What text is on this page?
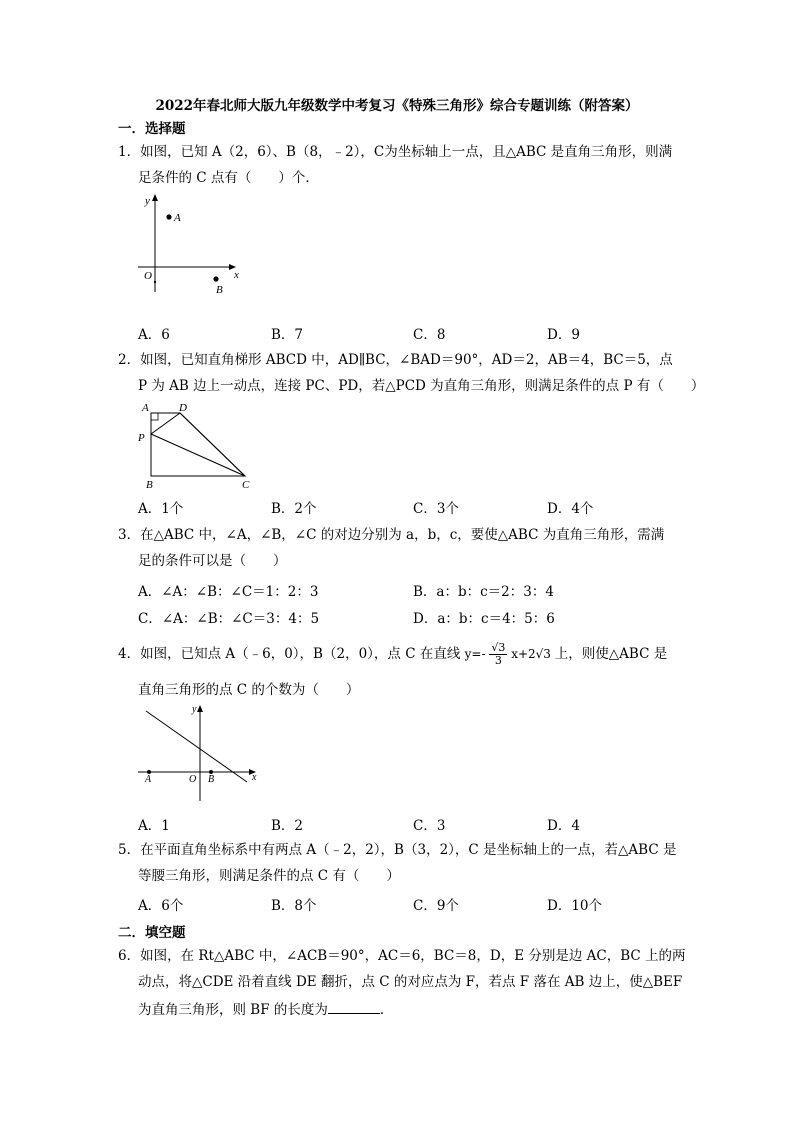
2022年春北师大版九年级数学中考复习《特殊三角形》综合专题训练（附答案）
一．选择题
1．如图，已知 A（2，6）、B（8，﹣2），C为坐标轴上一点，且△ABC 是直角三角形，则满
足条件的 C 点有（　　）个．
y
x
O
A
B
A．6	B．7	C．8	D．9
2．如图，已知直角梯形 ABCD 中，AD∥BC，∠BAD＝90°，AD＝2，AB＝4，BC＝5，点
P 为 AB 边上一动点，连接 PC、PD，若△PCD 为直角三角形，则满足条件的点 P 有（　　）
A	D
P
B	C
A．1个	B．2个	C．3个	D．4个
3．在△ABC 中，∠A，∠B，∠C 的对边分别为 a，b，c，要使△ABC 为直角三角形，需满
足的条件可以是（　　）
A．∠A：∠B：∠C＝1：2：3	B．a：b：c＝2：3：4
C．∠A：∠B：∠C＝3：4：5	D．a：b：c＝4：5：6
4．如图，已知点 A（﹣6，0），B（2，0），点 C 在直线 $y=- \frac{√3}{3} x+2√3$ 上，则使△ABC 是
直角三角形的点 C 的个数为（　　）
y
x
O
A	B
A．1	B．2	C．3	D．4
5．在平面直角坐标系中有两点 A（﹣2，2），B（3，2），C 是坐标轴上的一点，若△ABC 是
等腰三角形，则满足条件的点 C 有（　　）
A．6个	B．8个	C．9个	D．10个
二．填空题
6．如图，在 Rt△ABC 中，∠ACB＝90°，AC＝6，BC＝8，D，E 分别是边 AC，BC 上的两
动点，将△CDE 沿着直线 DE 翻折，点 C 的对应点为 F，若点 F 落在 AB 边上，使△BEF
为直角三角形，则 BF 的长度为	．
